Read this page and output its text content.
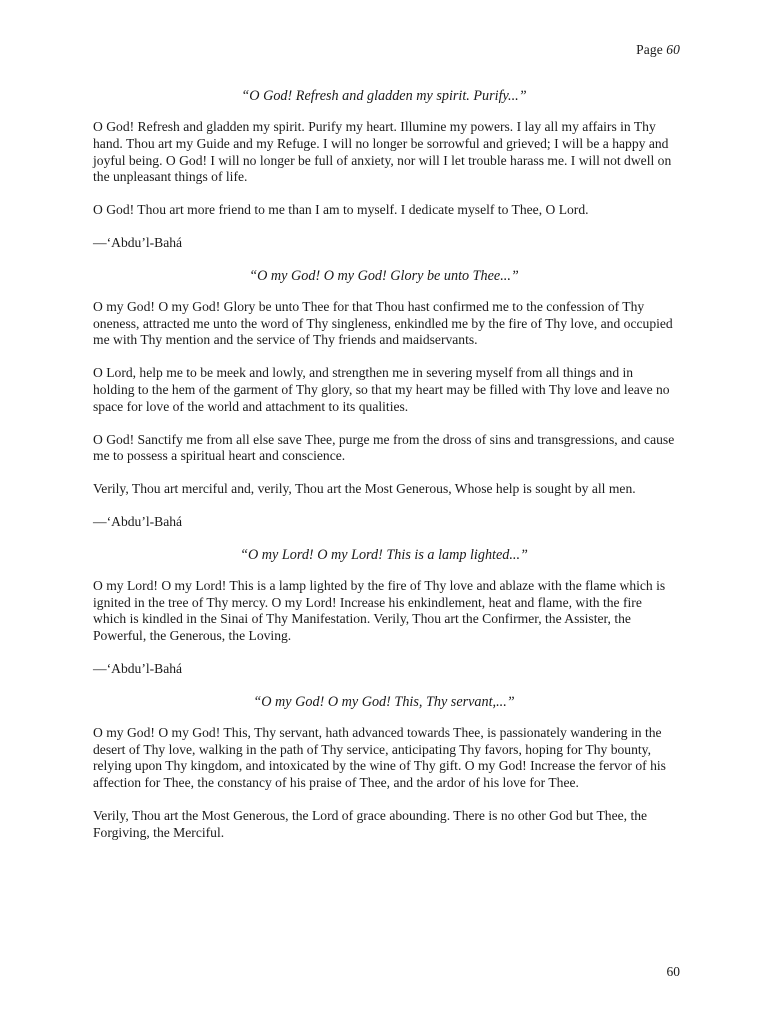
Page 60

“O God! Refresh and gladden my spirit. Purify...”

O God! Refresh and gladden my spirit. Purify my heart. Illumine my powers. I lay all my affairs in Thy hand. Thou art my Guide and my Refuge. I will no longer be sorrowful and grieved; I will be a happy and joyful being. O God! I will no longer be full of anxiety, nor will I let trouble harass me. I will not dwell on the unpleasant things of life.

O God! Thou art more friend to me than I am to myself. I dedicate myself to Thee, O Lord.

—‘Abdu’l-Bahá

“O my God! O my God! Glory be unto Thee...”

O my God! O my God! Glory be unto Thee for that Thou hast confirmed me to the confession of Thy oneness, attracted me unto the word of Thy singleness, enkindled me by the fire of Thy love, and occupied me with Thy mention and the service of Thy friends and maidservants.

O Lord, help me to be meek and lowly, and strengthen me in severing myself from all things and in holding to the hem of the garment of Thy glory, so that my heart may be filled with Thy love and leave no space for love of the world and attachment to its qualities.

O God! Sanctify me from all else save Thee, purge me from the dross of sins and transgressions, and cause me to possess a spiritual heart and conscience.

Verily, Thou art merciful and, verily, Thou art the Most Generous, Whose help is sought by all men.

—‘Abdu’l-Bahá

“O my Lord! O my Lord! This is a lamp lighted...”

O my Lord! O my Lord! This is a lamp lighted by the fire of Thy love and ablaze with the flame which is ignited in the tree of Thy mercy. O my Lord! Increase his enkindlement, heat and flame, with the fire which is kindled in the Sinai of Thy Manifestation. Verily, Thou art the Confirmer, the Assister, the Powerful, the Generous, the Loving.

—‘Abdu’l-Bahá

“O my God! O my God! This, Thy servant,...”

O my God! O my God! This, Thy servant, hath advanced towards Thee, is passionately wandering in the desert of Thy love, walking in the path of Thy service, anticipating Thy favors, hoping for Thy bounty, relying upon Thy kingdom, and intoxicated by the wine of Thy gift. O my God! Increase the fervor of his affection for Thee, the constancy of his praise of Thee, and the ardor of his love for Thee.

Verily, Thou art the Most Generous, the Lord of grace abounding. There is no other God but Thee, the Forgiving, the Merciful.

60
